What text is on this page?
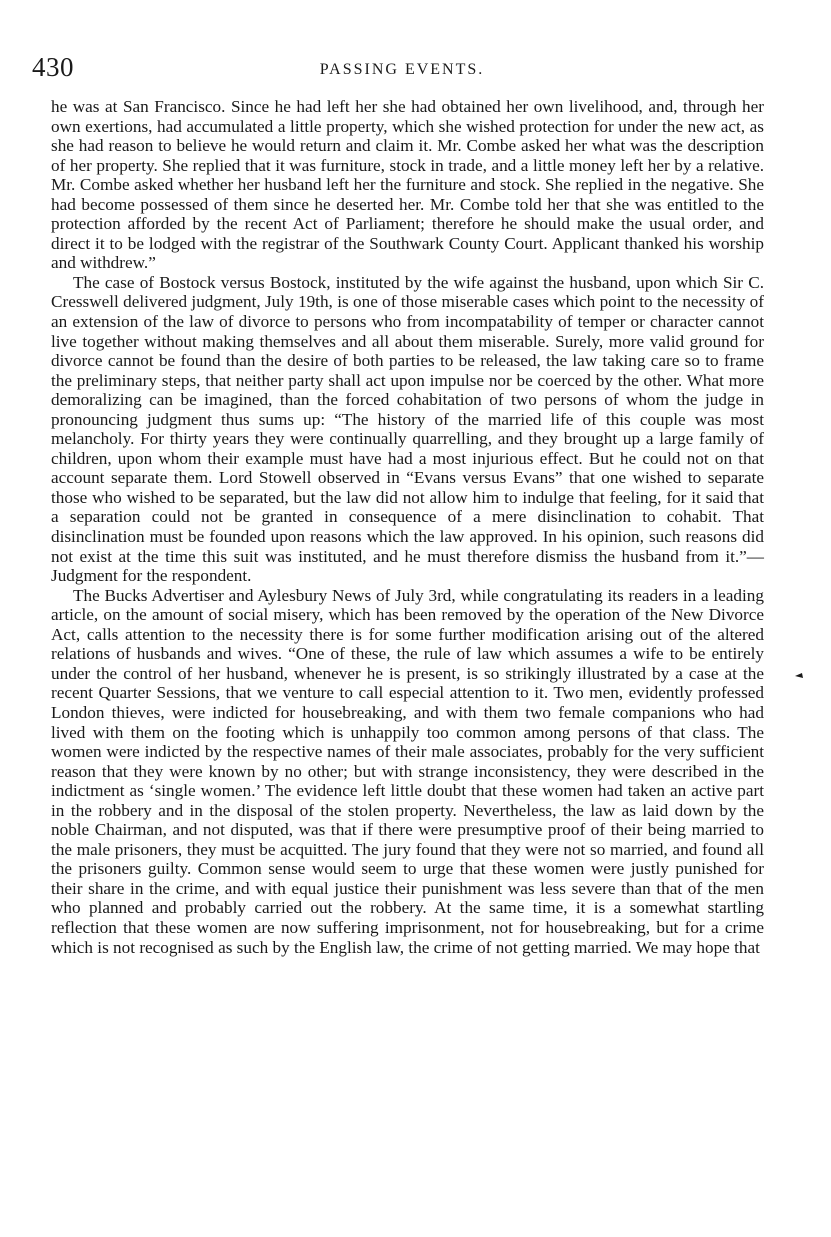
430	PASSING EVENTS.

he was at San Francisco. Since he had left her she had obtained her own livelihood, and, through her own exertions, had accumulated a little property, which she wished protection for under the new act, as she had reason to believe he would return and claim it. Mr. Combe asked her what was the description of her property. She replied that it was furniture, stock in trade, and a little money left her by a relative. Mr. Combe asked whether her husband left her the furniture and stock. She replied in the negative. She had become possessed of them since he deserted her. Mr. Combe told her that she was entitled to the protection afforded by the recent Act of Parliament; therefore he should make the usual order, and direct it to be lodged with the registrar of the Southwark County Court. Applicant thanked his worship and withdrew.”

The case of Bostock versus Bostock, instituted by the wife against the husband, upon which Sir C. Cresswell delivered judgment, July 19th, is one of those miserable cases which point to the necessity of an extension of the law of divorce to persons who from incompatability of temper or character cannot live together without making themselves and all about them miserable. Surely, more valid ground for divorce cannot be found than the desire of both parties to be released, the law taking care so to frame the preliminary steps, that neither party shall act upon impulse nor be coerced by the other. What more demoralizing can be imagined, than the forced cohabitation of two persons of whom the judge in pronouncing judgment thus sums up: “The history of the married life of this couple was most melancholy. For thirty years they were continually quarrelling, and they brought up a large family of children, upon whom their example must have had a most injurious effect. But he could not on that account separate them. Lord Stowell observed in “Evans versus Evans” that one wished to separate those who wished to be separated, but the law did not allow him to indulge that feeling, for it said that a separation could not be granted in consequence of a mere disinclination to cohabit. That disinclination must be founded upon reasons which the law approved. In his opinion, such reasons did not exist at the time this suit was instituted, and he must therefore dismiss the husband from it.”—Judgment for the respondent.

The Bucks Advertiser and Aylesbury News of July 3rd, while congratulating its readers in a leading article, on the amount of social misery, which has been removed by the operation of the New Divorce Act, calls attention to the necessity there is for some further modification arising out of the altered relations of husbands and wives. “One of these, the rule of law which assumes a wife to be entirely under the control of her husband, whenever he is present, is so strikingly illustrated by a case at the recent Quarter Sessions, that we venture to call especial attention to it. Two men, evidently professed London thieves, were indicted for housebreaking, and with them two female companions who had lived with them on the footing which is unhappily too common among persons of that class. The women were indicted by the respective names of their male associates, probably for the very sufficient reason that they were known by no other; but with strange inconsistency, they were described in the indictment as ‘single women.’ The evidence left little doubt that these women had taken an active part in the robbery and in the disposal of the stolen property. Nevertheless, the law as laid down by the noble Chairman, and not disputed, was that if there were presumptive proof of their being married to the male prisoners, they must be acquitted. The jury found that they were not so married, and found all the prisoners guilty. Common sense would seem to urge that these women were justly punished for their share in the crime, and with equal justice their punishment was less severe than that of the men who planned and probably carried out the robbery. At the same time, it is a somewhat startling reflection that these women are now suffering imprisonment, not for housebreaking, but for a crime which is not recognised as such by the English law, the crime of not getting married. We may hope that
